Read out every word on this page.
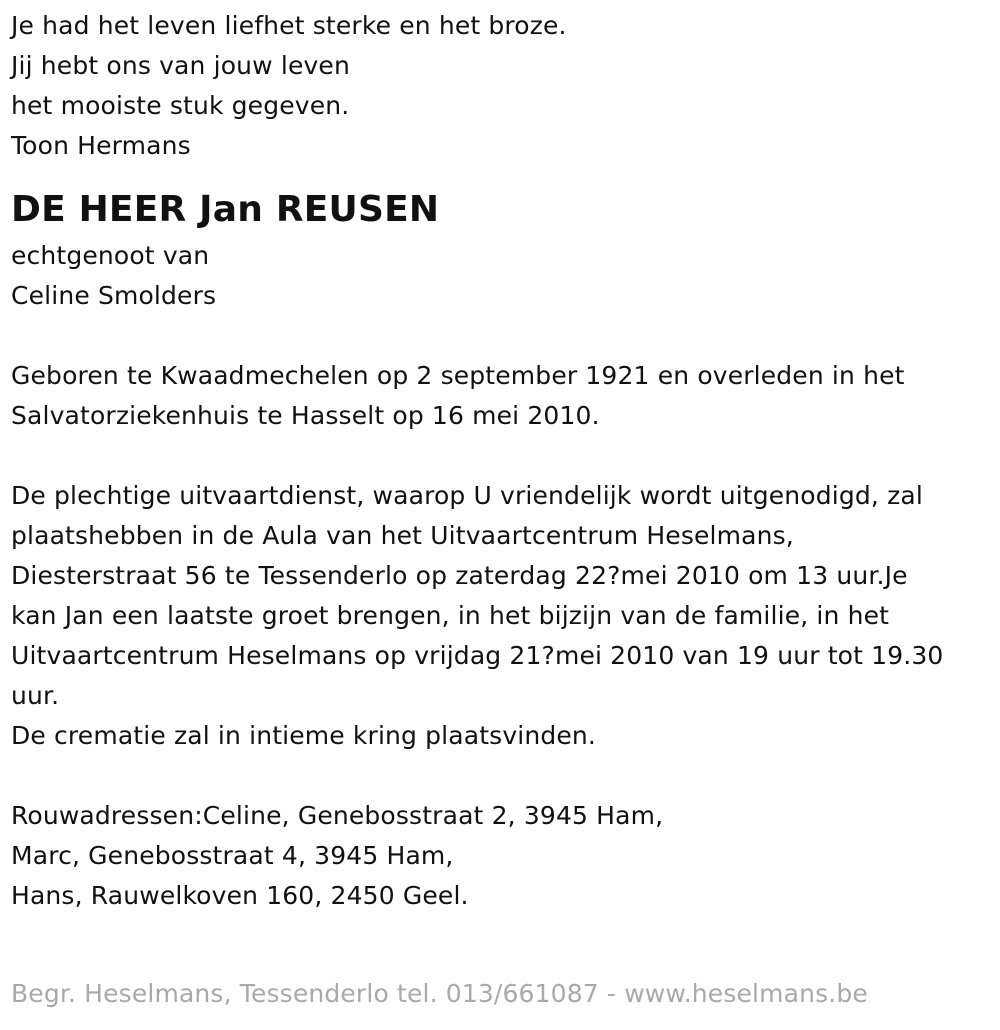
Je had het leven liefhet sterke en het broze.
Jij hebt ons van jouw leven
het mooiste stuk gegeven.
Toon Hermans
DE HEER Jan REUSEN
echtgenoot van
Celine Smolders
Geboren te Kwaadmechelen op 2 september 1921 en overleden in het
Salvatorziekenhuis te Hasselt op 16 mei 2010.
De plechtige uitvaartdienst, waarop U vriendelijk wordt uitgenodigd, zal
plaatshebben in de Aula van het Uitvaartcentrum Heselmans,
Diesterstraat 56 te Tessenderlo op zaterdag 22?mei 2010 om 13 uur.Je
kan Jan een laatste groet brengen, in het bijzijn van de familie, in het
Uitvaartcentrum Heselmans op vrijdag 21?mei 2010 van 19 uur tot 19.30
uur.
De crematie zal in intieme kring plaatsvinden.
Rouwadressen:Celine, Genebosstraat 2, 3945 Ham,
Marc, Genebosstraat 4, 3945 Ham,
Hans, Rauwelkoven 160, 2450 Geel.
Begr. Heselmans, Tessenderlo tel. 013/661087 - www.heselmans.be
